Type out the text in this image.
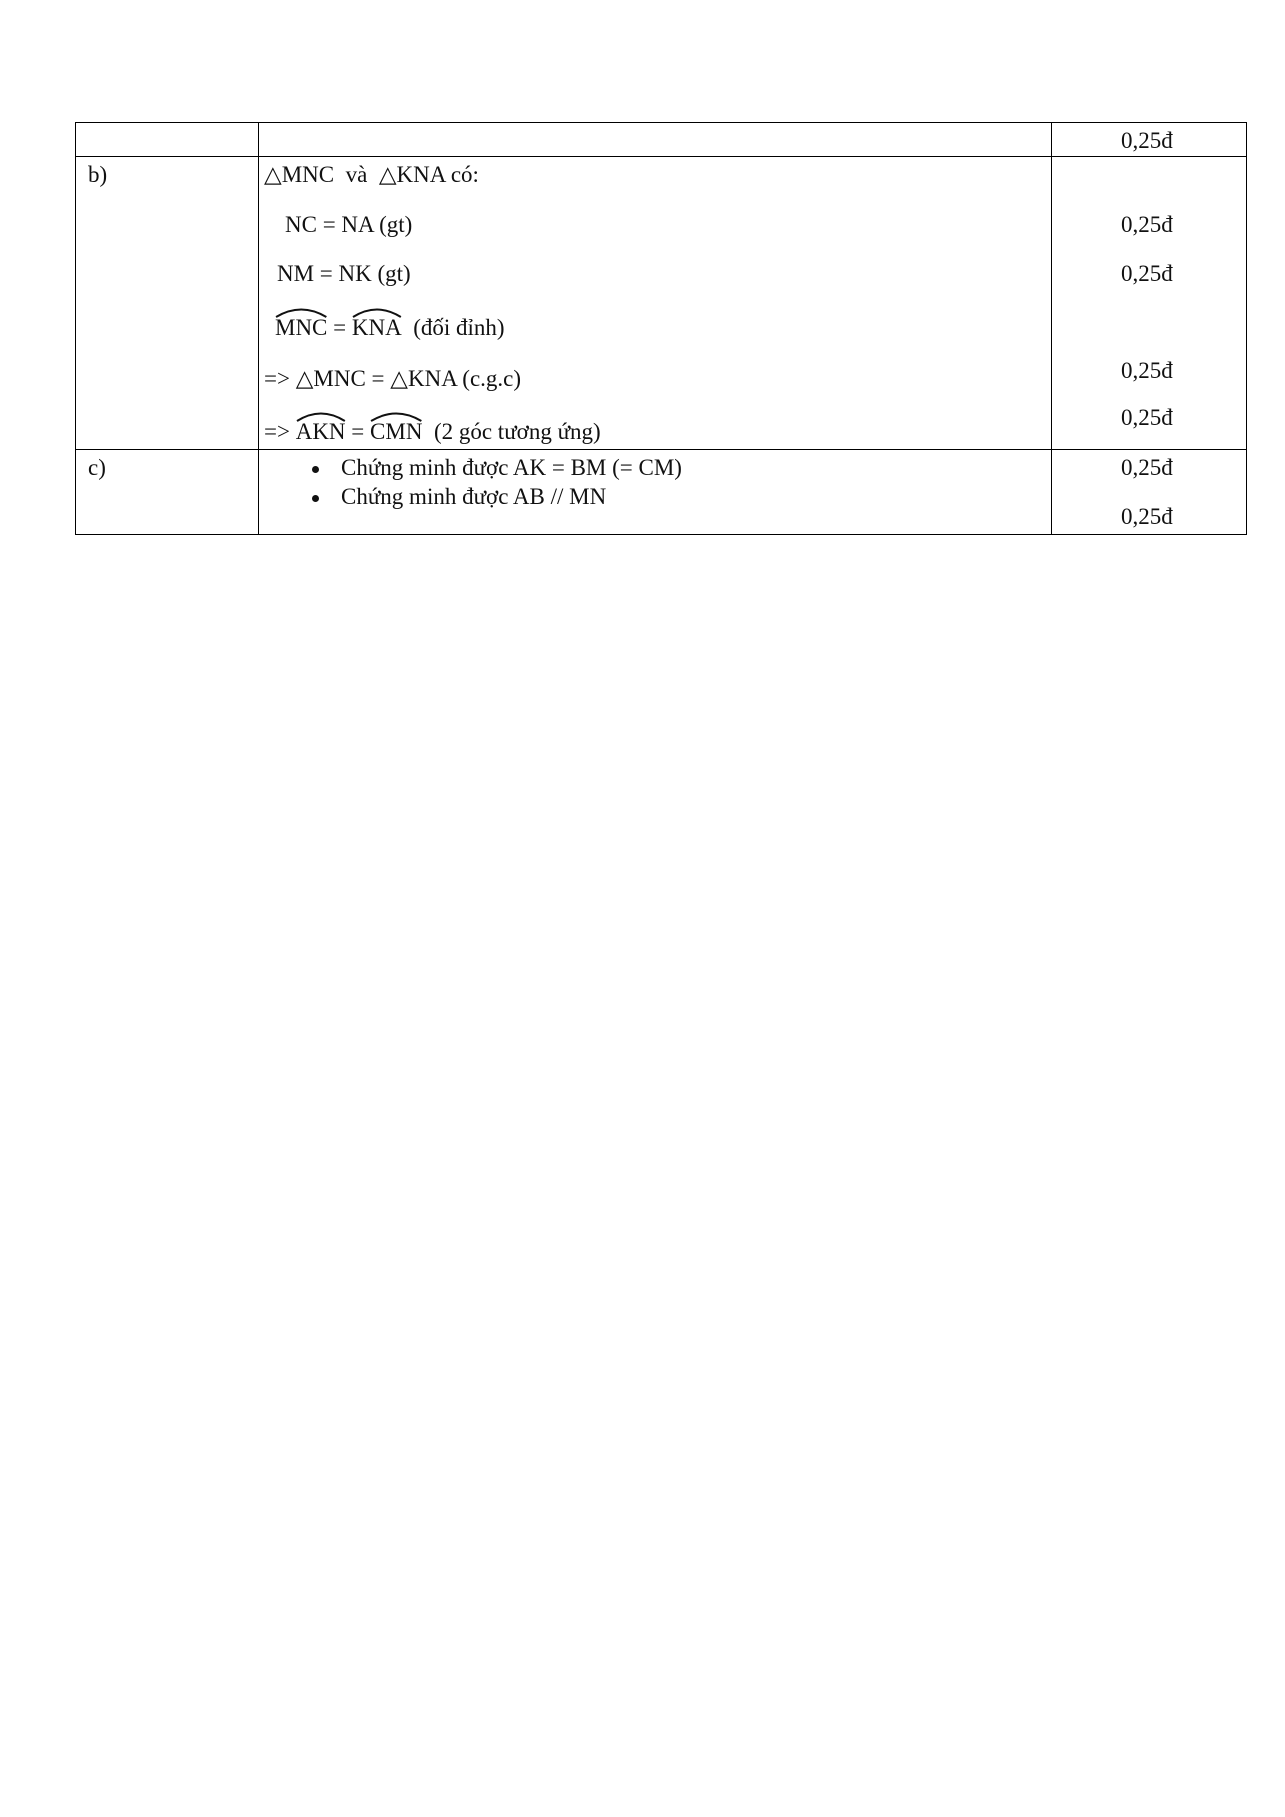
0,25đ
b)	△MNC và △KNA có:
NC = NA (gt)
NM = NK (gt)
MNC = KNA (đối đỉnh)
=> △MNC = △KNA (c.g.c)
=> AKN = CMN (2 góc tương ứng)
0,25đ
0,25đ
0,25đ
0,25đ
c)	Chứng minh được AK = BM (= CM)
Chứng minh được AB // MN
0,25đ
0,25đ
